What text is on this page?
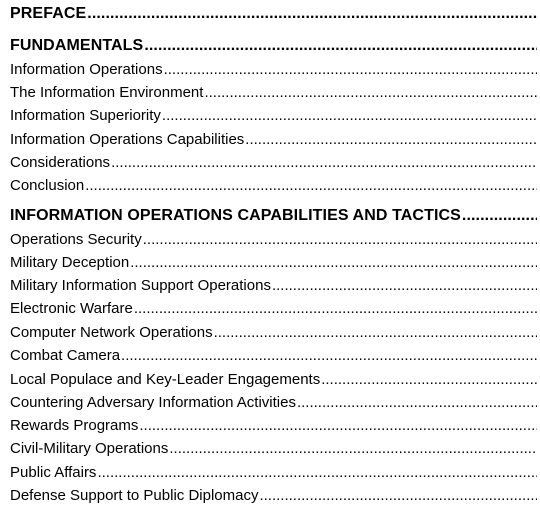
PREFACE
.....
FUNDAMENTALS
.....
Information Operations
.....
The Information Environment
.....
Information Superiority
.....
Information Operations Capabilities
.....
Considerations
.....
Conclusion
.....
INFORMATION OPERATIONS CAPABILITIES AND TACTICS
.....
Operations Security
.....
Military Deception
.....
Military Information Support Operations
.....
Electronic Warfare
.....
Computer Network Operations
.....
Combat Camera
.....
Local Populace and Key-Leader Engagements
.....
Countering Adversary Information Activities
.....
Rewards Programs
.....
Civil-Military Operations
.....
Public Affairs
.....
Defense Support to Public Diplomacy
.....
